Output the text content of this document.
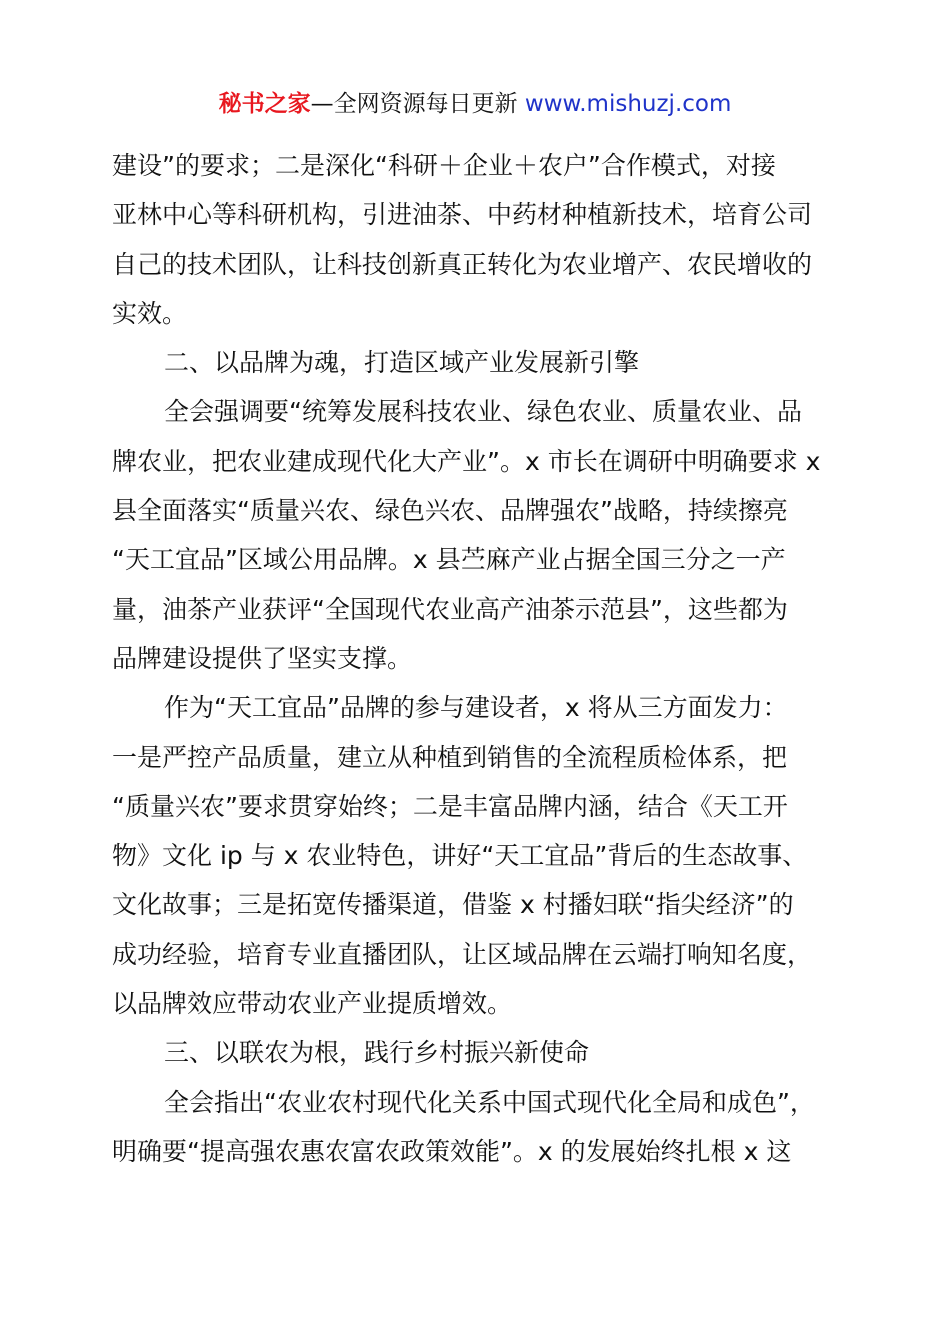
秘书之家—全网资源每日更新 www.mishuzj.com
建设”的要求；二是深化“科研＋企业＋农户”合作模式，对接
亚林中心等科研机构，引进油茶、中药材种植新技术，培育公司
自己的技术团队，让科技创新真正转化为农业增产、农民增收的
实效。
二、以品牌为魂，打造区域产业发展新引擎
全会强调要“统筹发展科技农业、绿色农业、质量农业、品
牌农业，把农业建成现代化大产业”。x 市长在调研中明确要求 x
县全面落实“质量兴农、绿色兴农、品牌强农”战略，持续擦亮
“天工宜品”区域公用品牌。x 县苎麻产业占据全国三分之一产
量，油茶产业获评“全国现代农业高产油茶示范县”，这些都为
品牌建设提供了坚实支撑。
作为“天工宜品”品牌的参与建设者，x 将从三方面发力：
一是严控产品质量，建立从种植到销售的全流程质检体系，把
“质量兴农”要求贯穿始终；二是丰富品牌内涵，结合《天工开
物》文化 ip 与 x 农业特色，讲好“天工宜品”背后的生态故事、
文化故事；三是拓宽传播渠道，借鉴 x 村播妇联“指尖经济”的
成功经验，培育专业直播团队，让区域品牌在云端打响知名度，
以品牌效应带动农业产业提质增效。
三、以联农为根，践行乡村振兴新使命
全会指出“农业农村现代化关系中国式现代化全局和成色”，
明确要“提高强农惠农富农政策效能”。x 的发展始终扎根 x 这
